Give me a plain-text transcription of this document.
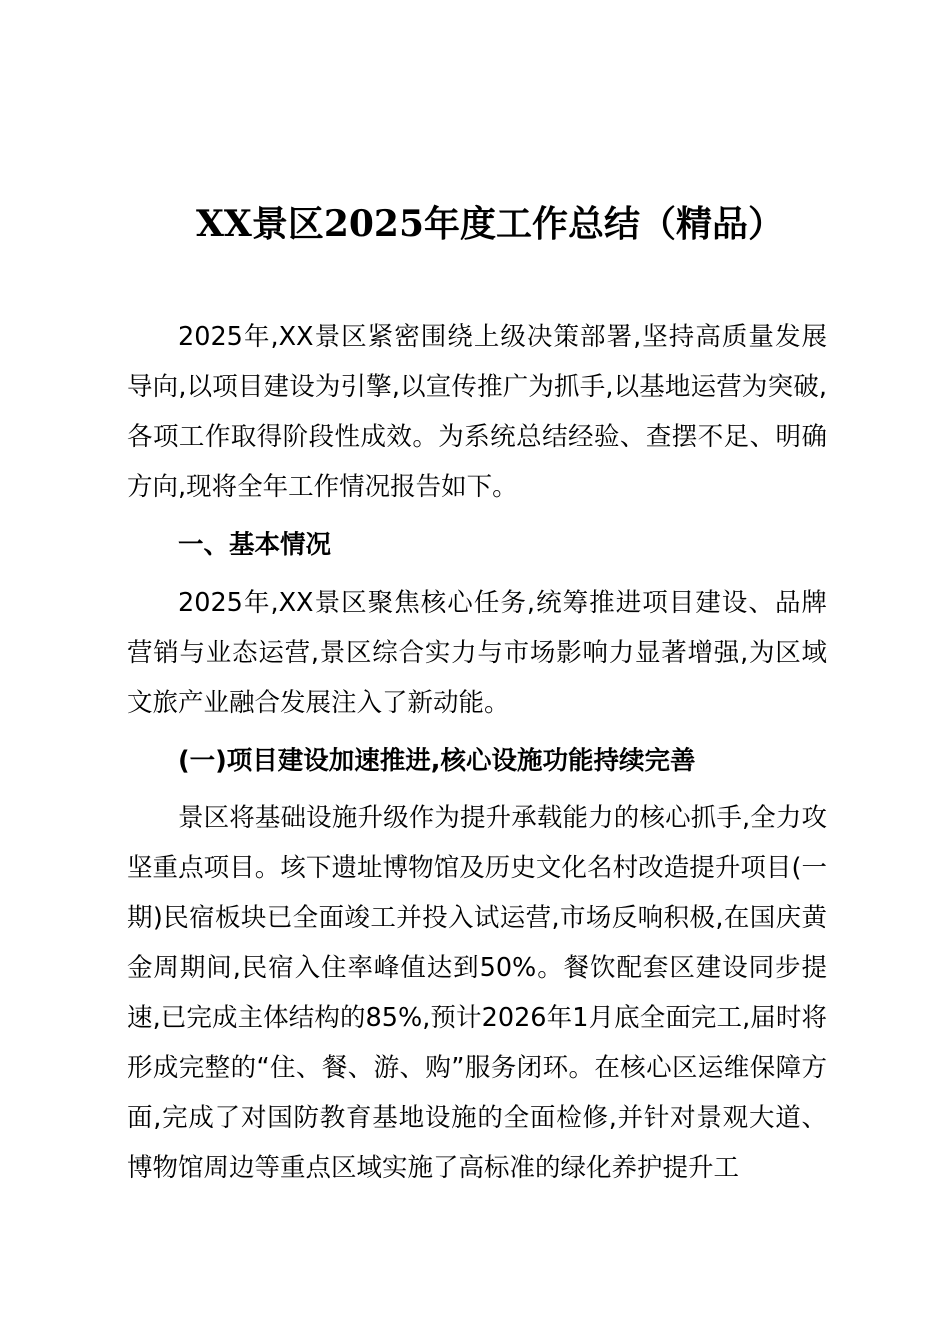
XX景区2025年度工作总结（精品）

2025年,XX景区紧密围绕上级决策部署,坚持高质量发展导向,以项目建设为引擎,以宣传推广为抓手,以基地运营为突破,各项工作取得阶段性成效。为系统总结经验、查摆不足、明确方向,现将全年工作情况报告如下。

一、基本情况

2025年,XX景区聚焦核心任务,统筹推进项目建设、品牌营销与业态运营,景区综合实力与市场影响力显著增强,为区域文旅产业融合发展注入了新动能。

(一)项目建设加速推进,核心设施功能持续完善

景区将基础设施升级作为提升承载能力的核心抓手,全力攻坚重点项目。垓下遗址博物馆及历史文化名村改造提升项目(一期)民宿板块已全面竣工并投入试运营,市场反响积极,在国庆黄金周期间,民宿入住率峰值达到50%。餐饮配套区建设同步提速,已完成主体结构的85%,预计2026年1月底全面完工,届时将形成完整的“住、餐、游、购”服务闭环。在核心区运维保障方面,完成了对国防教育基地设施的全面检修,并针对景观大道、博物馆周边等重点区域实施了高标准的绿化养护提升工
